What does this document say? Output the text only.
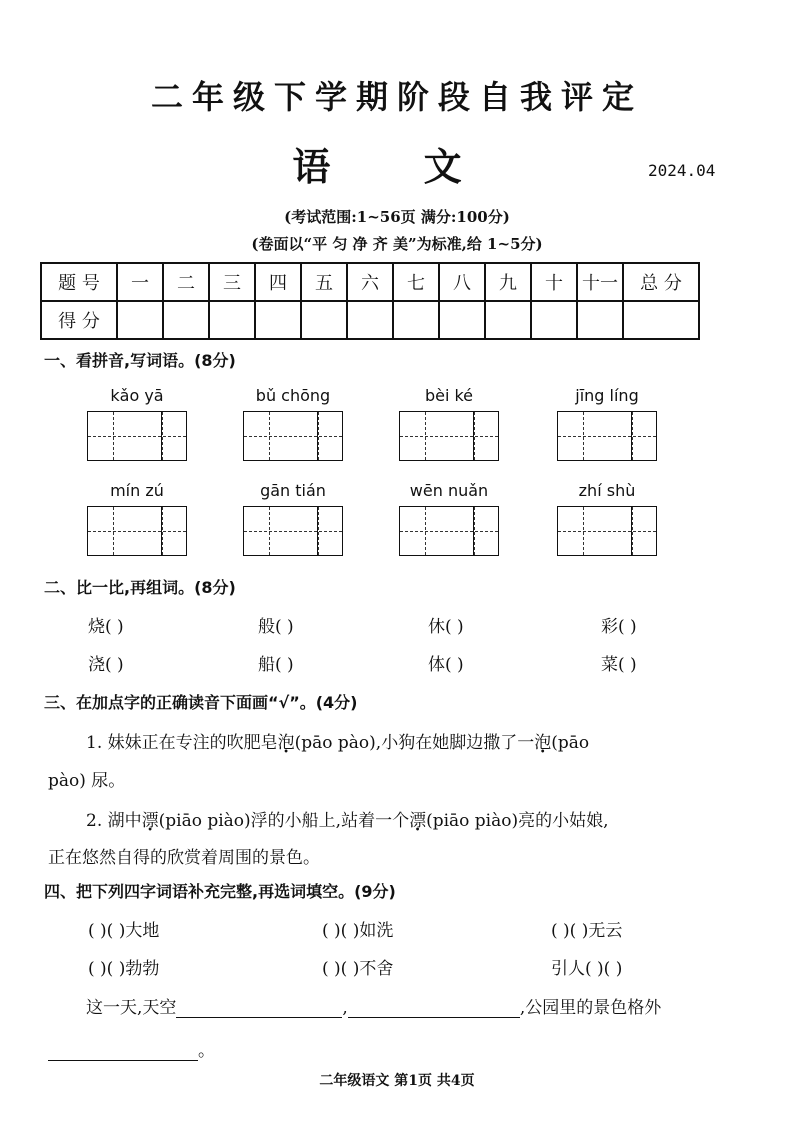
二年级下学期阶段自我评定
语 文	2024.04
(考试范围:1~56页 满分:100分)
(卷面以“平 匀 净 齐 美”为标准,给 1~5分)
题 号	一	二	三	四	五	六	七	八	九	十	十一	总 分
得 分												
一、看拼音,写词语。(8分)
kǎo yā	bǔ chōng	bèi ké	jīng líng
mín zú	gān tián	wēn nuǎn	zhí shù
二、比一比,再组词。(8分)
烧( )	般( )	休( )	彩( )
浇( )	船( )	体( )	菜( )
三、在加点字的正确读音下面画“√”。(4分)
1. 妹妹正在专注的吹肥皂泡(pāo pào),小狗在她脚边撒了一泡(pāo
pào) 尿。
2. 湖中漂(piāo piào)浮的小船上,站着一个漂(piāo piào)亮的小姑娘,
正在悠然自得的欣赏着周围的景色。
四、把下列四字词语补充完整,再选词填空。(9分)
( )( )大地	( )( )如洗	( )( )无云
( )( )勃勃	( )( )不舍	引人( )( )
这一天,天空	,	,公园里的景色格外
。
二年级语文 第1页 共4页
